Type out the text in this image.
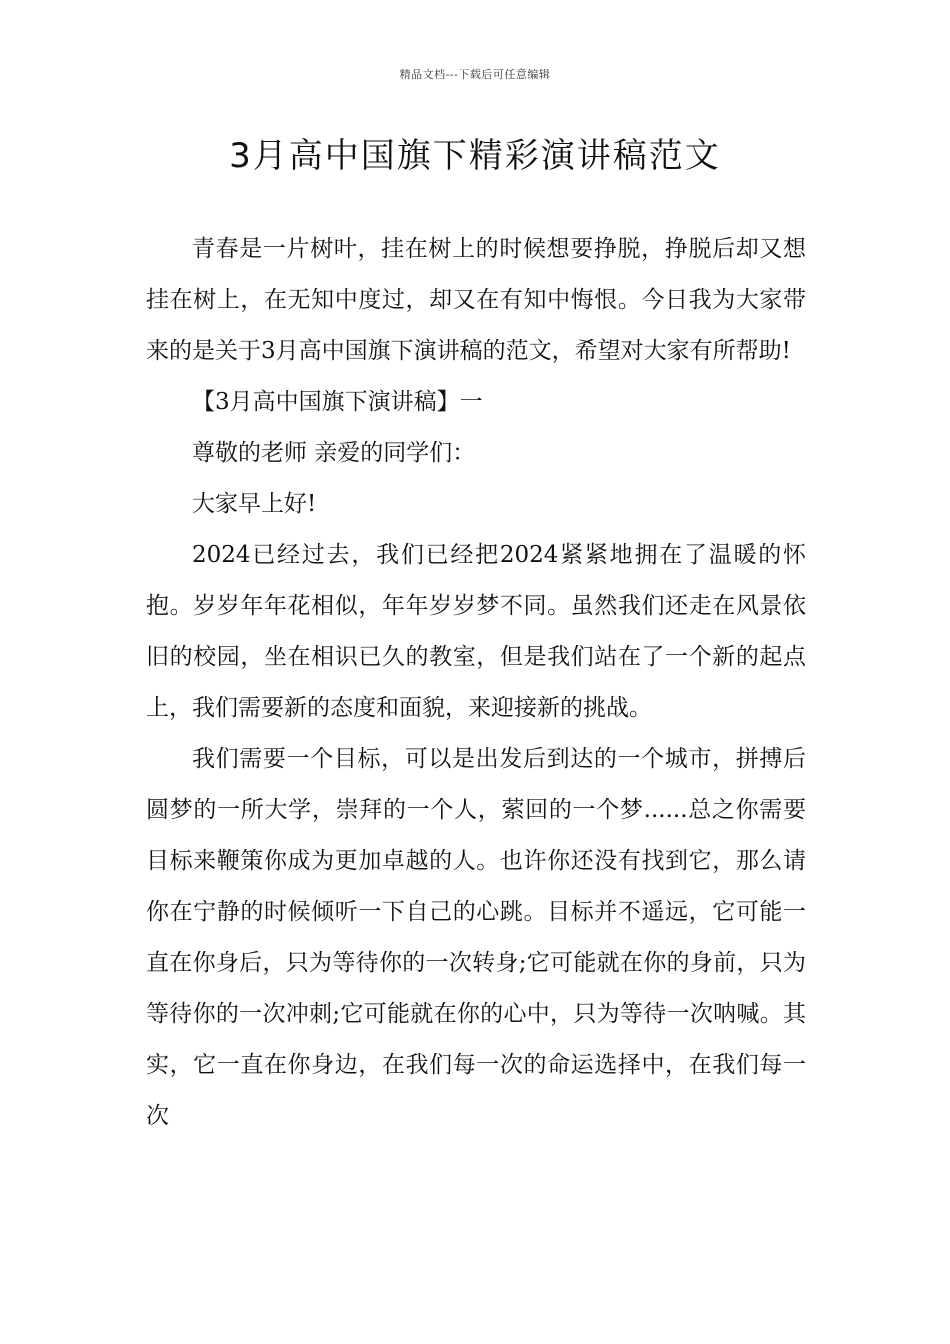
精品文档---下载后可任意编辑
3月高中国旗下精彩演讲稿范文

青春是一片树叶，挂在树上的时候想要挣脱，挣脱后却又想挂在树上，在无知中度过，却又在有知中悔恨。今日我为大家带来的是关于3月高中国旗下演讲稿的范文，希望对大家有所帮助!

【3月高中国旗下演讲稿】一

尊敬的老师 亲爱的同学们：

大家早上好!

2024已经过去，我们已经把2024紧紧地拥在了温暖的怀抱。岁岁年年花相似，年年岁岁梦不同。虽然我们还走在风景依旧的校园，坐在相识已久的教室，但是我们站在了一个新的起点上，我们需要新的态度和面貌，来迎接新的挑战。

我们需要一个目标，可以是出发后到达的一个城市，拼搏后圆梦的一所大学，崇拜的一个人，萦回的一个梦......总之你需要目标来鞭策你成为更加卓越的人。也许你还没有找到它，那么请你在宁静的时候倾听一下自己的心跳。目标并不遥远，它可能一直在你身后，只为等待你的一次转身;它可能就在你的身前，只为等待你的一次冲刺;它可能就在你的心中，只为等待一次呐喊。其实，它一直在你身边，在我们每一次的命运选择中，在我们每一次
